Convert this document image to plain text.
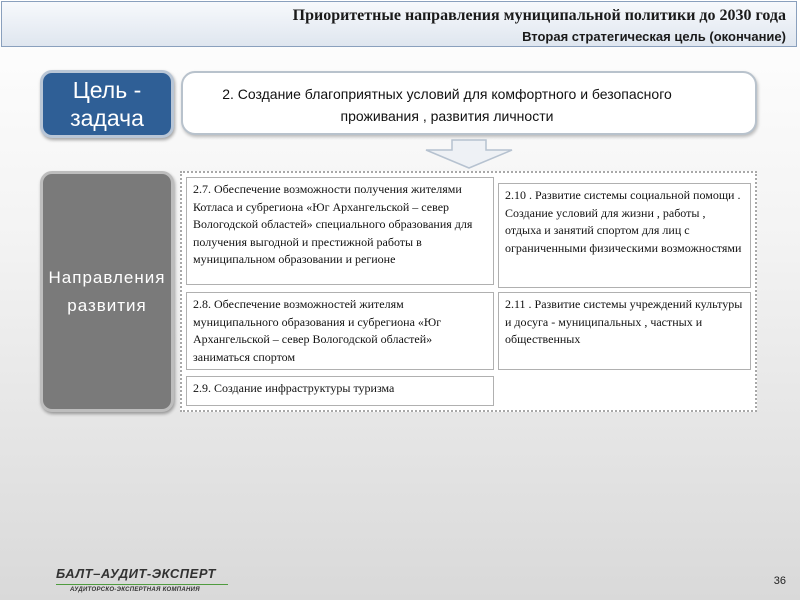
Приоритетные направления муниципальной политики до 2030 года
Вторая стратегическая цель (окончание)
Цель - задача
2. Создание благоприятных условий для комфортного и безопасного проживания , развития личности
Направления развития
2.7. Обеспечение возможности получения жителями Котласа и субрегиона «Юг Архангельской – север Вологодской областей» специального образования для получения выгодной и престижной работы в муниципальном образовании и регионе
2.10 . Развитие системы социальной помощи . Создание условий для жизни , работы , отдыха и занятий спортом для лиц с ограниченными физическими возможностями
2.8. Обеспечение возможностей жителям муниципального образования и субрегиона «Юг Архангельской – север Вологодской областей» заниматься спортом
2.11 . Развитие системы учреждений культуры и досуга - муниципальных , частных и общественных
2.9. Создание инфраструктуры туризма
БАЛТ–АУДИТ-ЭКСПЕРТ
АУДИТОРСКО-ЭКСПЕРТНАЯ КОМПАНИЯ
36
